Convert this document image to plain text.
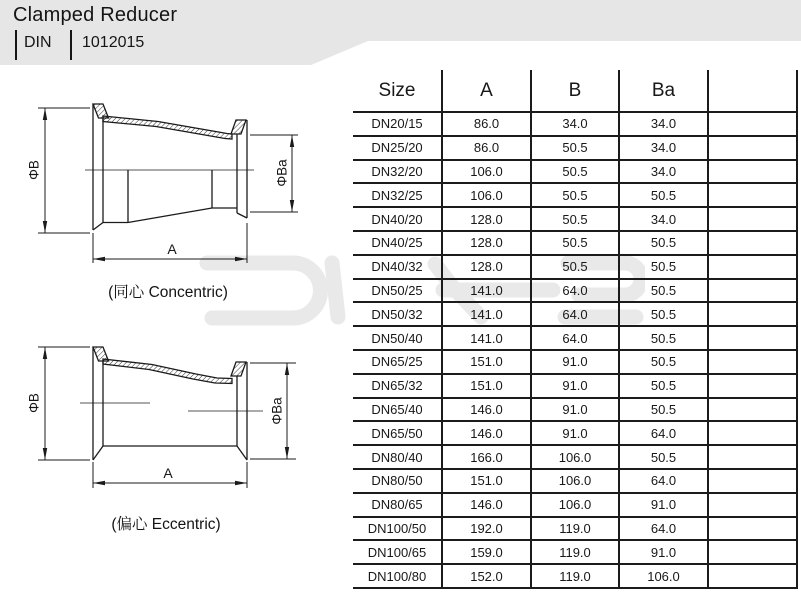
Clamped Reducer
DIN	1012015
ΦB	ΦBa
A
(同心 Concentric)
ΦB	ΦBa
A
(偏心 Eccentric)
Size	A	B	Ba	
DN20/15	86.0	34.0	34.0	
DN25/20	86.0	50.5	34.0	
DN32/20	106.0	50.5	34.0	
DN32/25	106.0	50.5	50.5	
DN40/20	128.0	50.5	34.0	
DN40/25	128.0	50.5	50.5	
DN40/32	128.0	50.5	50.5	
DN50/25	141.0	64.0	50.5	
DN50/32	141.0	64.0	50.5	
DN50/40	141.0	64.0	50.5	
DN65/25	151.0	91.0	50.5	
DN65/32	151.0	91.0	50.5	
DN65/40	146.0	91.0	50.5	
DN65/50	146.0	91.0	64.0	
DN80/40	166.0	106.0	50.5	
DN80/50	151.0	106.0	64.0	
DN80/65	146.0	106.0	91.0	
DN100/50	192.0	119.0	64.0	
DN100/65	159.0	119.0	91.0	
DN100/80	152.0	119.0	106.0	
